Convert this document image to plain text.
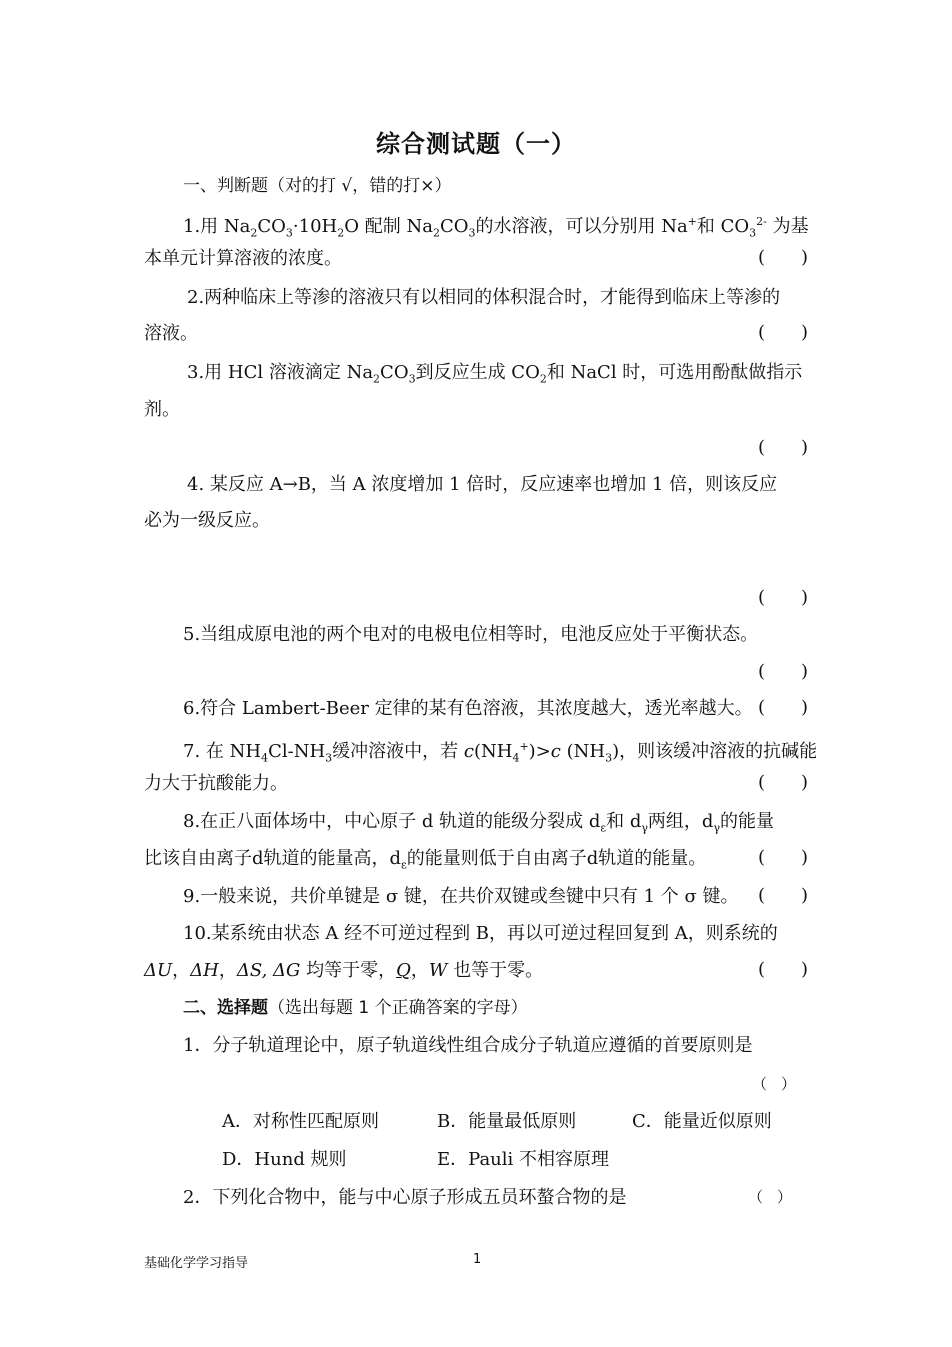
综合测试题（一）
一、判断题（对的打 √，错的打×）
1.用 $Na_2CO_3\cdot 10H_2O$ 配制 $Na_2CO_3$的水溶液，可以分别用 Na+和 $CO_3^{2-}$ 为基
本单元计算溶液的浓度。	( )
2.两种临床上等渗的溶液只有以相同的体积混合时，才能得到临床上等渗的
溶液。	( )
3.用 HCl 溶液滴定 $Na_2CO_3$到反应生成 $CO_2$和 NaCl 时，可选用酚酞做指示
剂。
( )
4. 某反应 A→B，当 A 浓度增加 1 倍时，反应速率也增加 1 倍，则该反应
必为一级反应。
( )
5.当组成原电池的两个电对的电极电位相等时，电池反应处于平衡状态。
( )
6.符合 Lambert-Beer 定律的某有色溶液，其浓度越大，透光率越大。 ( )
7. 在 $NH_4Cl-NH_3$缓冲溶液中，若 $c(NH_4^+)>c$ $(NH_3)$，则该缓冲溶液的抗碱能
力大于抗酸能力。	( )
8.在正八面体场中，中心原子 d 轨道的能级分裂成 $d_\varepsilon$和 $d_\gamma$两组，$d_\gamma$的能量
比该自由离子d轨道的能量高，$d_\varepsilon$的能量则低于自由离子d轨道的能量。	( )
9.一般来说，共价单键是 σ 键，在共价双键或叁键中只有 1 个 σ 键。 ( )
10.某系统由状态 A 经不可逆过程到 B，再以可逆过程回复到 A，则系统的
ΔU，ΔH，ΔS, ΔG 均等于零，Q，W 也等于零。	( )
二、选择题（选出每题 1 个正确答案的字母）
1．分子轨道理论中，原子轨道线性组合成分子轨道应遵循的首要原则是
（ ）
A．对称性匹配原则	B．能量最低原则	C．能量近似原则
D．Hund 规则	E．Pauli 不相容原理
2．下列化合物中，能与中心原子形成五员环螯合物的是	（ ）
基础化学学习指导	1
